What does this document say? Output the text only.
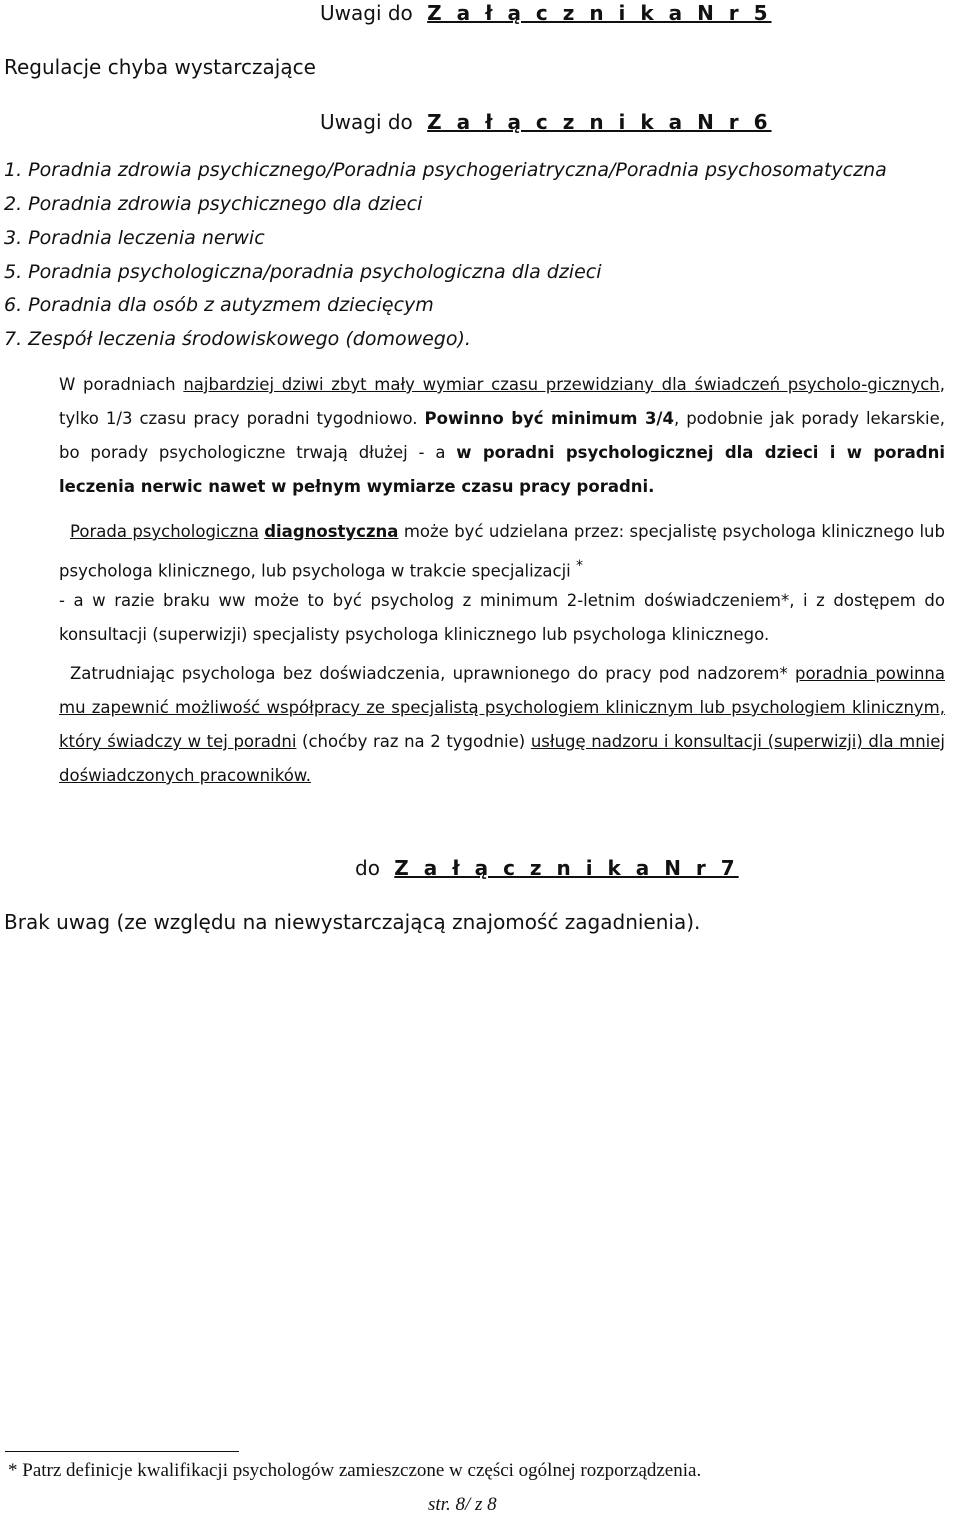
Uwagi do Z a ł ą c z n i k a N r 5
Regulacje chyba wystarczające
Uwagi do Z a ł ą c z n i k a N r 6
1. Poradnia zdrowia psychicznego/Poradnia psychogeriatryczna/Poradnia psychosomatyczna
2. Poradnia zdrowia psychicznego dla dzieci
3. Poradnia leczenia nerwic
5. Poradnia psychologiczna/poradnia psychologiczna dla dzieci
6. Poradnia dla osób z autyzmem dziecięcym
7. Zespół leczenia środowiskowego (domowego).
W poradniach najbardziej dziwi zbyt mały wymiar czasu przewidziany dla świadczeń psycholo-gicznych, tylko 1/3 czasu pracy poradni tygodniowo. Powinno być minimum 3/4, podobnie jak porady lekarskie, bo porady psychologiczne trwają dłużej - a w poradni psychologicznej dla dzieci i w poradni leczenia nerwic nawet w pełnym wymiarze czasu pracy poradni.
Porada psychologiczna diagnostyczna może być udzielana przez: specjalistę psychologa klinicznego lub psychologa klinicznego, lub psychologa w trakcie specjalizacji *
- a w razie braku ww może to być psycholog z minimum 2-letnim doświadczeniem*, i z dostępem do konsultacji (superwizji) specjalisty psychologa klinicznego lub psychologa klinicznego.
Zatrudniając psychologa bez doświadczenia, uprawnionego do pracy pod nadzorem* poradnia powinna mu zapewnić możliwość współpracy ze specjalistą psychologiem klinicznym lub psychologiem klinicznym, który świadczy w tej poradni (choćby raz na 2 tygodnie) usługę nadzoru i konsultacji (superwizji) dla mniej doświadczonych pracowników.
do Z a ł ą c z n i k a N r 7
Brak uwag (ze względu na niewystarczającą znajomość zagadnienia).
* Patrz definicje kwalifikacji psychologów zamieszczone w części ogólnej rozporządzenia.
str. 8/ z 8
